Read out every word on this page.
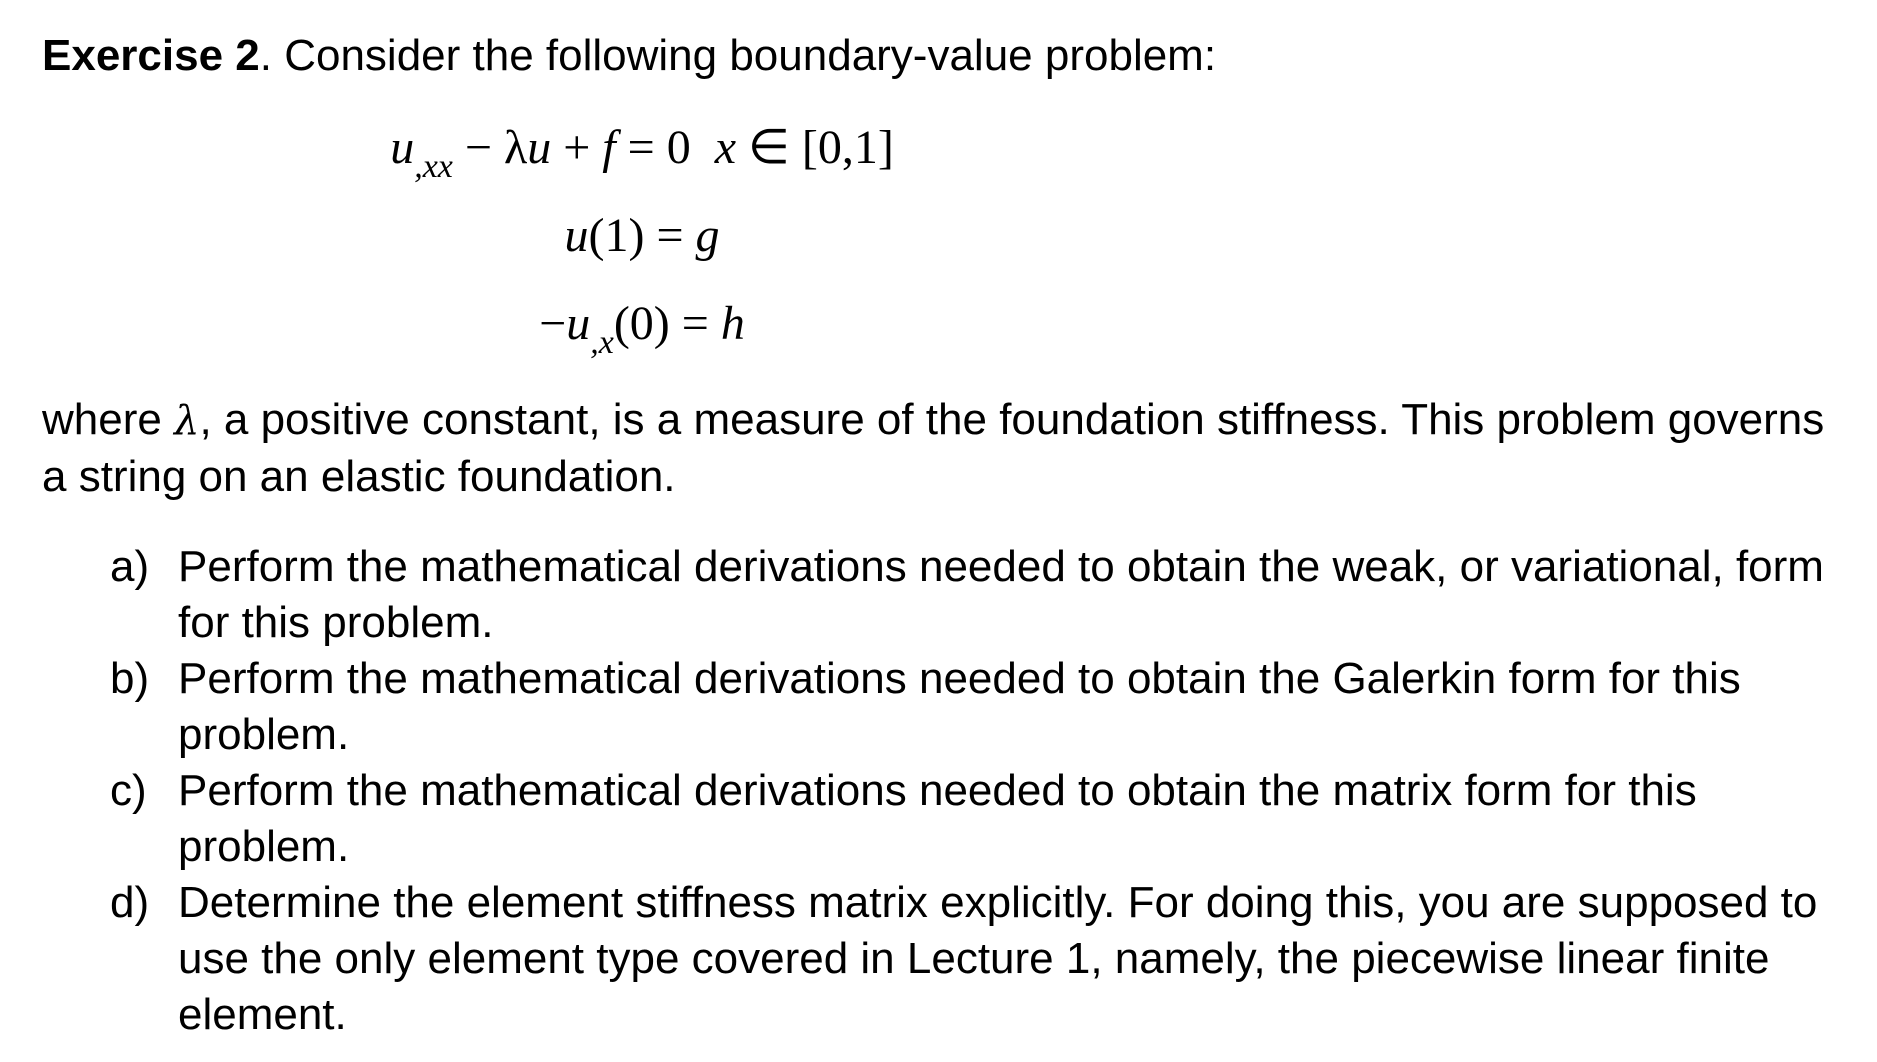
Exercise 2. Consider the following boundary-value problem:

$u_{,xx} - \lambda u + f = 0$ x ∈ [0,1]
u(1) = g
$-u_{,x}(0) = h$

where λ, a positive constant, is a measure of the foundation stiffness. This problem governs a string on an elastic foundation.

a) Perform the mathematical derivations needed to obtain the weak, or variational, form for this problem.
b) Perform the mathematical derivations needed to obtain the Galerkin form for this problem.
c) Perform the mathematical derivations needed to obtain the matrix form for this problem.
d) Determine the element stiffness matrix explicitly. For doing this, you are supposed to use the only element type covered in Lecture 1, namely, the piecewise linear finite element.
